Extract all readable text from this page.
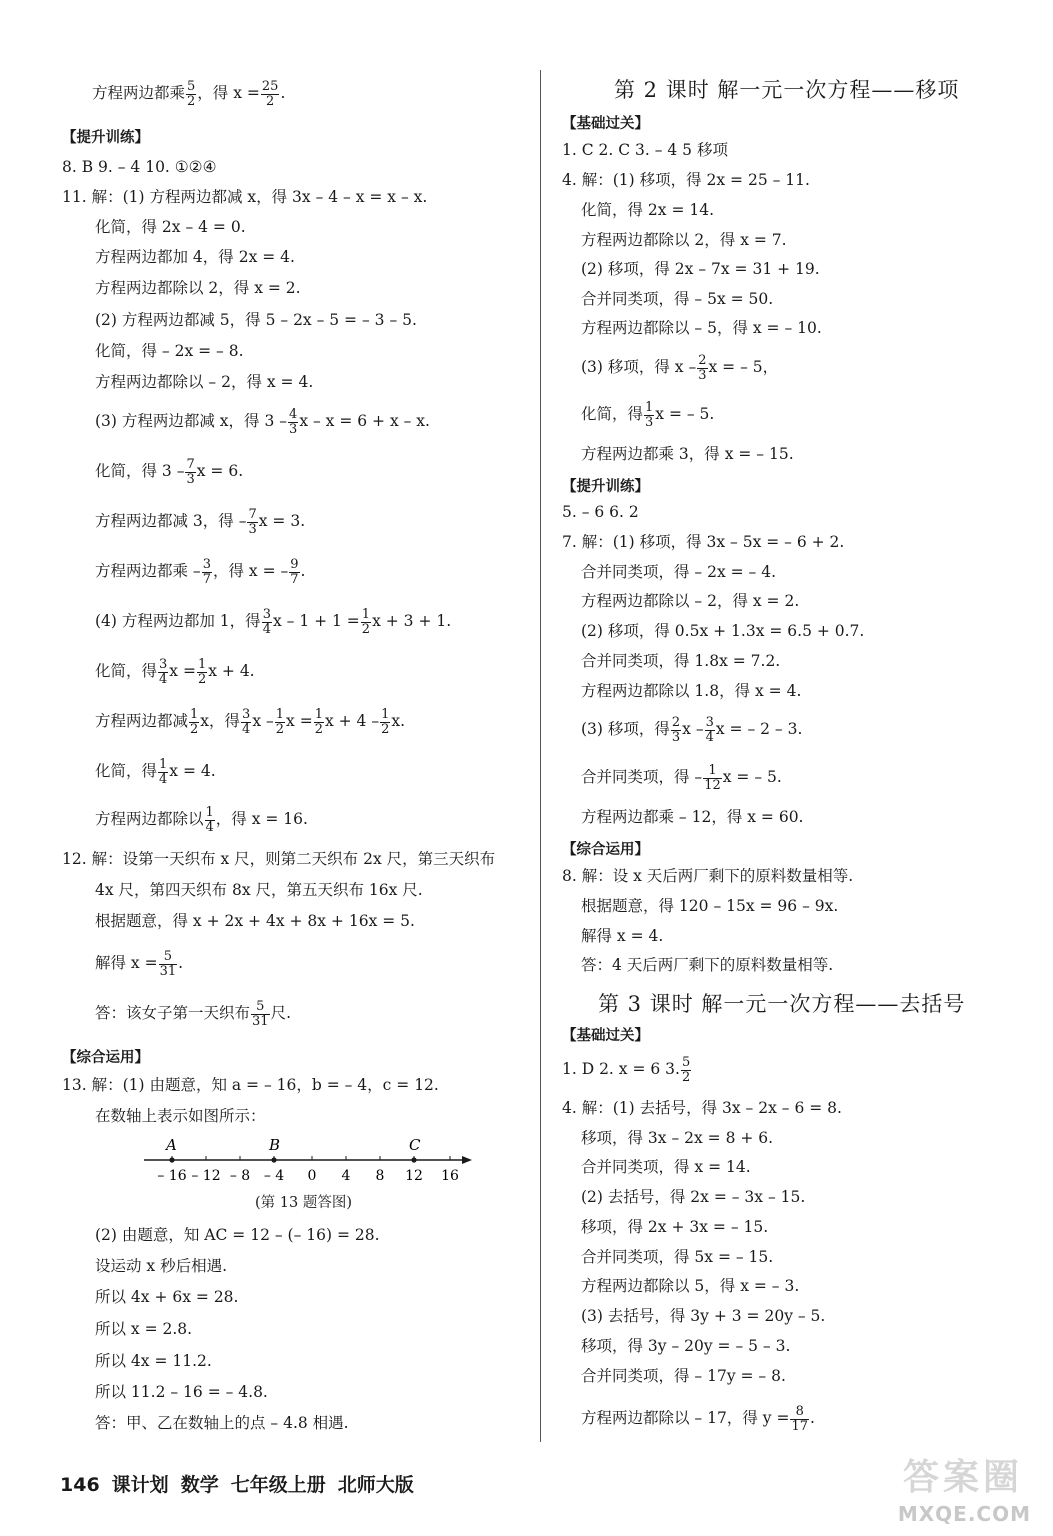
方程两边都乘 $\frac{5}{2}$ ，得 $x = \frac{25}{2}$ .
【提升训练】
8. B 9. – 4 10. ①②④
11. 解：(1) 方程两边都减 x，得 3x – 4 – x = x – x.
化简，得 2x – 4 = 0.
方程两边都加 4，得 2x = 4.
方程两边都除以 2，得 x = 2.
(2) 方程两边都减 5，得 5 – 2x – 5 = – 3 – 5.
化简，得 – 2x = – 8.
方程两边都除以 – 2，得 x = 4.
(3) 方程两边都减 x，得 $3 - \frac{4}{3}$ x – x = 6 + x – x.
化简，得 $3 - \frac{7}{3}$ x = 6.
方程两边都减 3，得 – $\frac{7}{3}$ x = 3.
方程两边都乘 – $\frac{3}{7}$ ，得 x = – $\frac{9}{7}$ .
(4) 方程两边都加 1，得 $\frac{3}{4}$ $x - 1 + 1 = \frac{1}{2}$ x + 3 + 1.
化简，得 $\frac{3}{4}$ $x = \frac{1}{2}$ x + 4.
方程两边都减 $\frac{1}{2}$ x，得 $\frac{3}{4}$ x – $\frac{1}{2}$ $x = \frac{1}{2}$ $x + 4 - \frac{1}{2} x$.
化简，得 $\frac{1}{4}$ x = 4.
方程两边都除以 $\frac{1}{4}$ ，得 x = 16.
12. 解：设第一天织布 x 尺，则第二天织布 2x 尺，第三天织布
4x 尺，第四天织布 8x 尺，第五天织布 16x 尺.
根据题意，得 x + 2x + 4x + 8x + 16x = 5.
解得 $x = \frac{5}{31}$ .
答：该女子第一天织布 $\frac{5}{31}$ 尺.
【综合运用】
13. 解：(1) 由题意，知 a = – 16，b = – 4，c = 12.
在数轴上表示如图所示：
A	B	C
– 16 – 12 – 8 – 4 0 4 8 12 16
(第 13 题答图)
(2) 由题意，知 AC = 12 – (– 16) = 28.
设运动 x 秒后相遇.
所以 4x + 6x = 28.
所以 x = 2.8.
所以 4x = 11.2.
所以 11.2 – 16 = – 4.8.
答：甲、乙在数轴上的点 – 4.8 相遇.
第 2 课时 解一元一次方程——移项
【基础过关】
1. C 2. C 3. – 4 5 移项
4. 解：(1) 移项，得 2x = 25 – 11.
化简，得 2x = 14.
方程两边都除以 2，得 x = 7.
(2) 移项，得 2x – 7x = 31 + 19.
合并同类项，得 – 5x = 50.
方程两边都除以 – 5，得 x = – 10.
(3) 移项，得 x – $\frac{2}{3}$ x = – 5，
化简，得 $\frac{1}{3}$ x = – 5.
方程两边都乘 3，得 x = – 15.
【提升训练】
5. – 6 6. 2
7. 解：(1) 移项，得 3x – 5x = – 6 + 2.
合并同类项，得 – 2x = – 4.
方程两边都除以 – 2，得 x = 2.
(2) 移项，得 0.5x + 1.3x = 6.5 + 0.7.
合并同类项，得 1.8x = 7.2.
方程两边都除以 1.8，得 x = 4.
(3) 移项，得 $\frac{2}{3}$ x – $\frac{3}{4}$ x = – 2 – 3.
合并同类项，得 – $\frac{1}{12}$ x = – 5.
方程两边都乘 – 12，得 x = 60.
【综合运用】
8. 解：设 x 天后两厂剩下的原料数量相等.
根据题意，得 120 – 15x = 96 – 9x.
解得 x = 4.
答：4 天后两厂剩下的原料数量相等.
第 3 课时 解一元一次方程——去括号
【基础过关】
1. D 2. x = 6 3. $\frac{5}{2}$
4. 解：(1) 去括号，得 3x – 2x – 6 = 8.
移项，得 3x – 2x = 8 + 6.
合并同类项，得 x = 14.
(2) 去括号，得 2x = – 3x – 15.
移项，得 2x + 3x = – 15.
合并同类项，得 5x = – 15.
方程两边都除以 5，得 x = – 3.
(3) 去括号，得 3y + 3 = 20y – 5.
移项，得 3y – 20y = – 5 – 3.
合并同类项，得 – 17y = – 8.
方程两边都除以 – 17，得 $y = \frac{8}{17}$ .
146 课计划 数学 七年级上册 北师大版	答案圈
MXQE.COM
